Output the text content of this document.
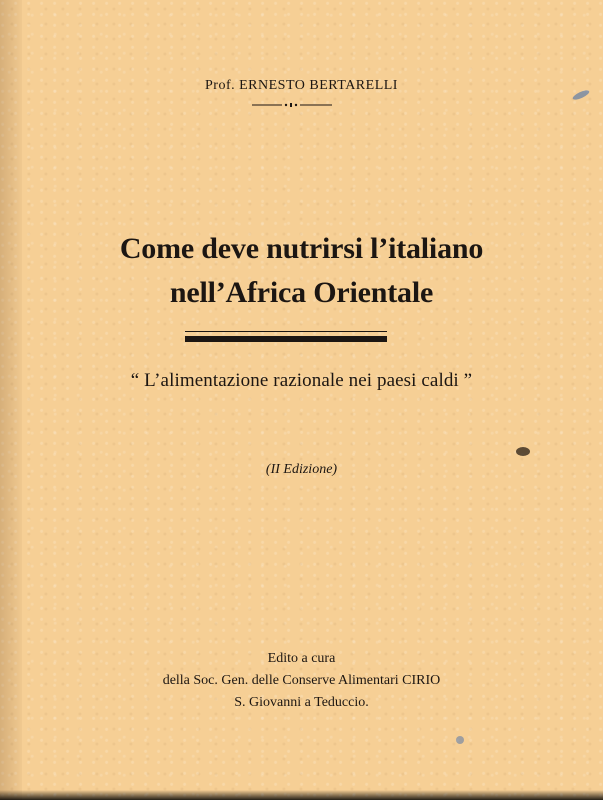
Prof. ERNESTO BERTARELLI
Come deve nutrirsi l’italiano
nell’Africa Orientale
“ L’alimentazione razionale nei paesi caldi ”
(II Edizione)
Edito a cura
della Soc. Gen. delle Conserve Alimentari CIRIO
S. Giovanni a Teduccio.
